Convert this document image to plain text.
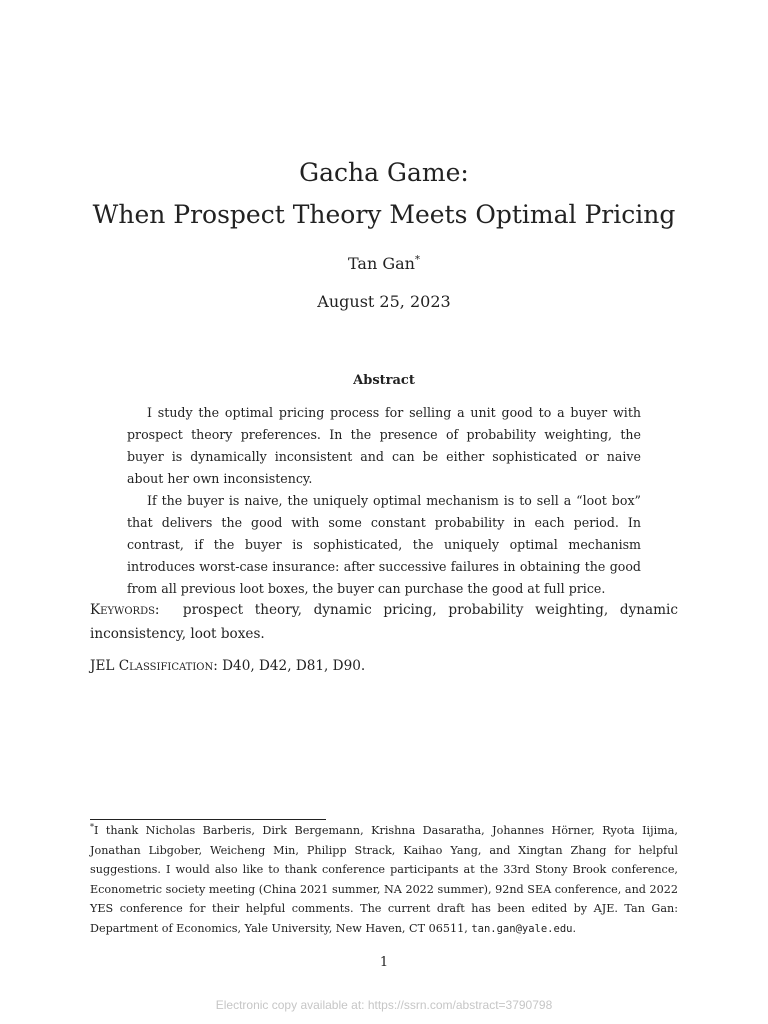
Gacha Game:
When Prospect Theory Meets Optimal Pricing
Tan Gan*
August 25, 2023
Abstract

I study the optimal pricing process for selling a unit good to a buyer with prospect theory preferences. In the presence of probability weighting, the buyer is dynamically inconsistent and can be either sophisticated or naive about her own inconsistency.

If the buyer is naive, the uniquely optimal mechanism is to sell a “loot box” that delivers the good with some constant probability in each period. In contrast, if the buyer is sophisticated, the uniquely optimal mechanism introduces worst-case insurance: after successive failures in obtaining the good from all previous loot boxes, the buyer can purchase the good at full price.

Keywords: prospect theory, dynamic pricing, probability weighting, dynamic inconsistency, loot boxes.
JEL Classification: D40, D42, D81, D90.
*I thank Nicholas Barberis, Dirk Bergemann, Krishna Dasaratha, Johannes Hörner, Ryota Iijima, Jonathan Libgober, Weicheng Min, Philipp Strack, Kaihao Yang, and Xingtan Zhang for helpful suggestions. I would also like to thank conference participants at the 33rd Stony Brook conference, Econometric society meeting (China 2021 summer, NA 2022 summer), 92nd SEA conference, and 2022 YES conference for their helpful comments. The current draft has been edited by AJE. Tan Gan: Department of Economics, Yale University, New Haven, CT 06511, tan.gan@yale.edu.
1
Electronic copy available at: https://ssrn.com/abstract=3790798
